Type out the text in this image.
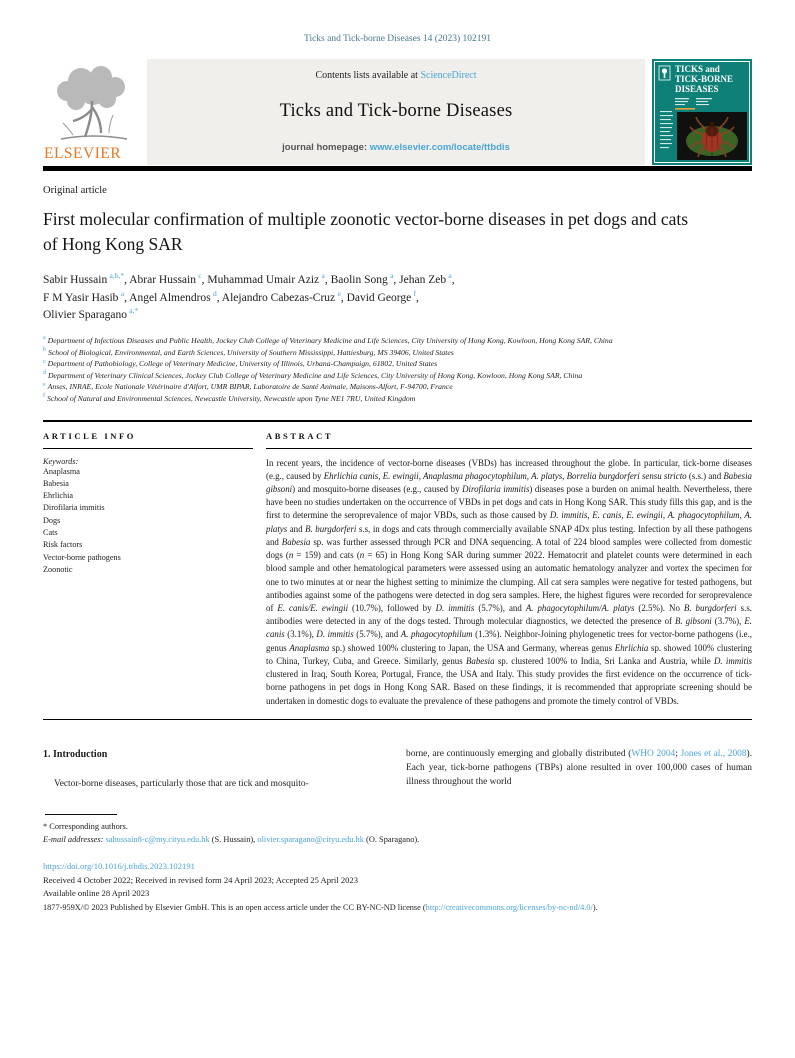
Ticks and Tick-borne Diseases 14 (2023) 102191
ELSEVIER
Contents lists available at ScienceDirect
Ticks and Tick-borne Diseases
journal homepage: www.elsevier.com/locate/ttbdis
TICKS and
TICK-BORNE
DISEASES
Original article
First molecular confirmation of multiple zoonotic vector-borne diseases in pet dogs and cats of Hong Kong SAR
Sabir Hussain $^{a,b,*}$, Abrar Hussain $^c$, Muhammad Umair Aziz $^a$, Baolin Song $^a$, Jehan Zeb $^a$,
F M Yasir Hasib $^a$, Angel Almendros $^d$, Alejandro Cabezas-Cruz $^e$, David George $^f$,
Olivier Sparagano $^{a,*}$
$^a$ Department of Infectious Diseases and Public Health, Jockey Club College of Veterinary Medicine and Life Sciences, City University of Hong Kong, Kowloon, Hong Kong SAR, China
$^b$ School of Biological, Environmental, and Earth Sciences, University of Southern Mississippi, Hattiesburg, MS 39406, United States
$^c$ Department of Pathobiology, College of Veterinary Medicine, University of Illinois, Urbana-Champaign, 61802, United States
$^d$ Department of Veterinary Clinical Sciences, Jockey Club College of Veterinary Medicine and Life Sciences, City University of Hong Kong, Kowloon, Hong Kong SAR, China
$^e$ Anses, INRAE, Ecole Nationale Vétérinaire d'Alfort, UMR BIPAR, Laboratoire de Santé Animale, Maisons-Alfort, F-94700, France
$^f$ School of Natural and Environmental Sciences, Newcastle University, Newcastle upon Tyne NE1 7RU, United Kingdom
ARTICLE INFO
Keywords:
Anaplasma
Babesia
Ehrlichia
Dirofilaria immitis
Dogs
Cats
Risk factors
Vector-borne pathogens
Zoonotic
ABSTRACT
In recent years, the incidence of vector-borne diseases (VBDs) has increased throughout the globe. In particular, tick-borne diseases (e.g., caused by Ehrlichia canis, E. ewingii, Anaplasma phagocytophilum, A. platys, Borrelia burgdorferi sensu stricto (s.s.) and Babesia gibsoni) and mosquito-borne diseases (e.g., caused by Dirofilaria immitis) diseases pose a burden on animal health. Nevertheless, there have been no studies undertaken on the occurrence of VBDs in pet dogs and cats in Hong Kong SAR. This study fills this gap, and is the first to determine the seroprevalence of major VBDs, such as those caused by D. immitis, E. canis, E. ewingii, A. phagocytophilum, A. platys and B. burgdorferi s.s, in dogs and cats through commercially available SNAP 4Dx plus testing. Infection by all these pathogens and Babesia sp. was further assessed through PCR and DNA sequencing. A total of 224 blood samples were collected from domestic dogs (n = 159) and cats (n = 65) in Hong Kong SAR during summer 2022. Hematocrit and platelet counts were determined in each blood sample and other hematological parameters were assessed using an automatic hematology analyzer and vortex the specimen for one to two minutes at or near the highest setting to minimize the clumping. All cat sera samples were negative for tested pathogens, but antibodies against some of the pathogens were detected in dog sera samples. Here, the highest figures were recorded for seroprevalence of E. canis/E. ewingii (10.7%), followed by D. immitis (5.7%), and A. phagocytophilum/A. platys (2.5%). No B. burgdorferi s.s. antibodies were detected in any of the dogs tested. Through molecular diagnostics, we detected the presence of B. gibsoni (3.7%), E. canis (3.1%), D. immitis (5.7%), and A. phagocytophilum (1.3%). Neighbor-Joining phylogenetic trees for vector-borne pathogens (i.e., genus Anaplasma sp.) showed 100% clustering to Japan, the USA and Germany, whereas genus Ehrlichia sp. showed 100% clustering to China, Turkey, Cuba, and Greece. Similarly, genus Babesia sp. clustered 100% to India, Sri Lanka and Austria, while D. immitis clustered in Iraq, South Korea, Portugal, France, the USA and Italy. This study provides the first evidence on the occurrence of tick-borne pathogens in pet dogs in Hong Kong SAR. Based on these findings, it is recommended that appropriate screening should be undertaken in domestic dogs to evaluate the prevalence of these pathogens and promote the timely control of VBDs.
1. Introduction

Vector-borne diseases, particularly those that are tick and mosquito-

borne, are continuously emerging and globally distributed (WHO 2004; Jones et al., 2008). Each year, tick-borne pathogens (TBPs) alone resulted in over 100,000 cases of human illness throughout the world
* Corresponding authors.
E-mail addresses: sahussain8-c@my.cityu.edu.hk (S. Hussain), olivier.sparagano@cityu.edu.hk (O. Sparagano).
https://doi.org/10.1016/j.ttbdis.2023.102191
Received 4 October 2022; Received in revised form 24 April 2023; Accepted 25 April 2023
Available online 28 April 2023
1877-959X/© 2023 Published by Elsevier GmbH. This is an open access article under the CC BY-NC-ND license (http://creativecommons.org/licenses/by-nc-nd/4.0/).
